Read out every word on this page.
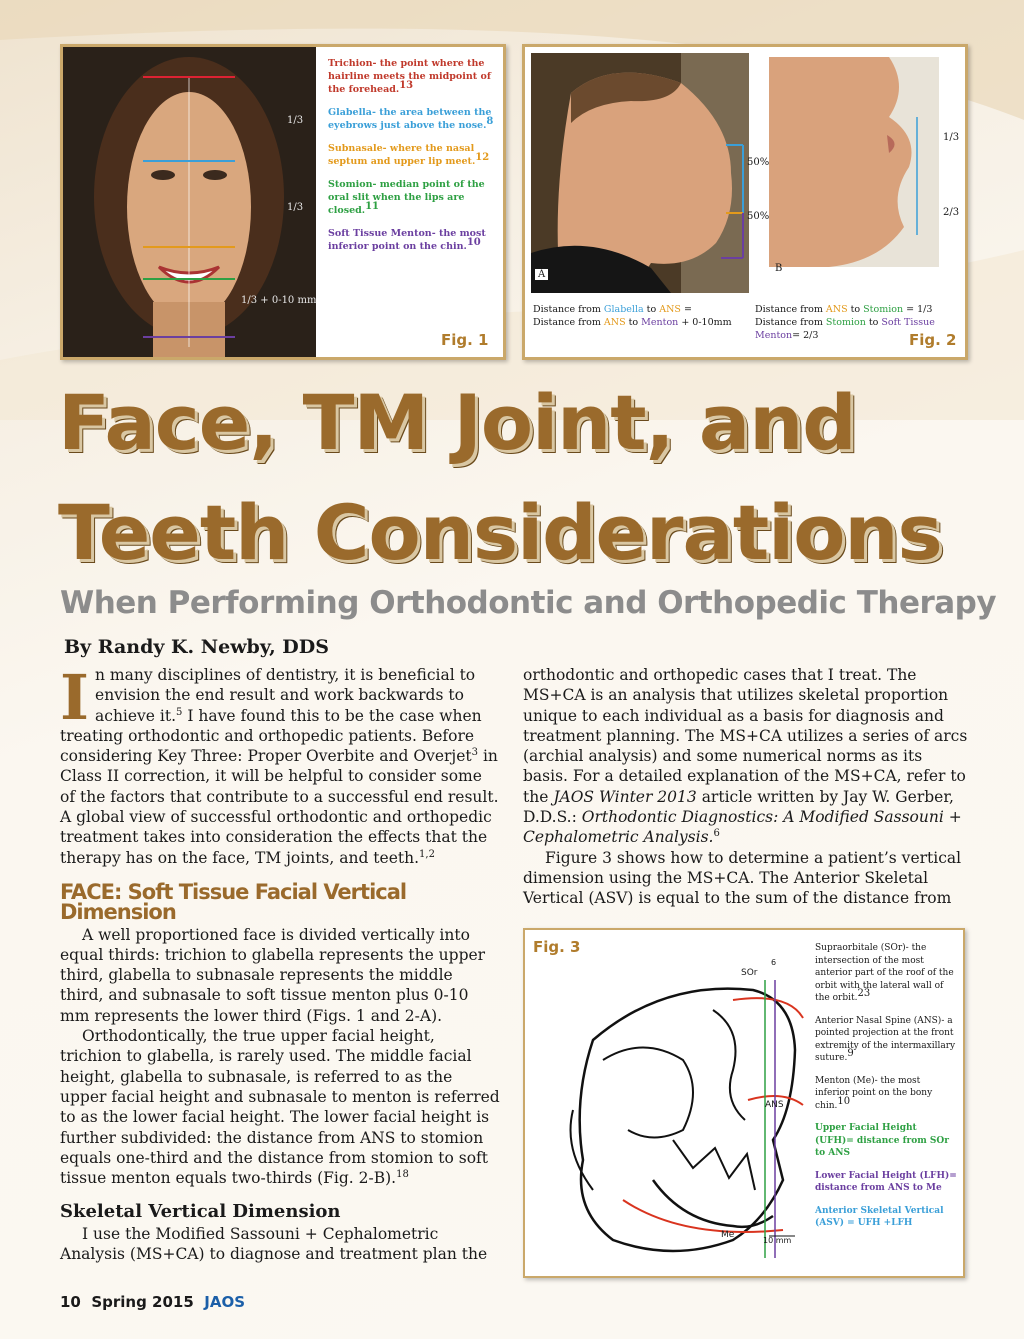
1/3
1/3
1/3 + 0-10 mm
Trichion- the point where the hairline meets the midpoint of the forehead.$^{13}$
Glabella- the area between the eyebrows just above the nose.$^8$
Subnasale- where the nasal septum and upper lip meet.$^{12}$
Stomion- median point of the oral slit when the lips are closed.$^{11}$
Soft Tissue Menton- the most inferior point on the chin.$^{10}$
Fig. 1
A
50%
50%
B
1/3
2/3
Distance from Glabella to ANS =
Distance from ANS to Menton + 0-10mm
Distance from ANS to Stomion = 1/3
Distance from Stomion to Soft Tissue
Menton= 2/3	Fig. 2
Face, TM Joint, and
Teeth Considerations
When Performing Orthodontic and Orthopedic Therapy
By Randy K. Newby, DDS

In many disciplines of dentistry, it is beneficial to envision the end result and work backwards to achieve it.$^5$ I have found this to be the case when treating orthodontic and orthopedic patients. Before considering Key Three: Proper Overbite and Overjet$^3$ in Class II correction, it will be helpful to consider some of the factors that contribute to a successful end result. A global view of successful orthodontic and orthopedic treatment takes into consideration the effects that the therapy has on the face, TM joints, and teeth.$^{1,2}$

FACE: Soft Tissue Facial Vertical Dimension

A well proportioned face is divided vertically into equal thirds: trichion to glabella represents the upper third, glabella to subnasale represents the middle third, and subnasale to soft tissue menton plus 0-10 mm represents the lower third (Figs. 1 and 2-A).

Orthodontically, the true upper facial height, trichion to glabella, is rarely used. The middle facial height, glabella to subnasale, is referred to as the upper facial height and subnasale to menton is referred to as the lower facial height. The lower facial height is further subdivided: the distance from ANS to stomion equals one-third and the distance from stomion to soft tissue menton equals two-thirds (Fig. 2-B).$^{18}$

Skeletal Vertical Dimension

I use the Modified Sassouni + Cephalometric Analysis (MS+CA) to diagnose and treatment plan the

orthodontic and orthopedic cases that I treat. The MS+CA is an analysis that utilizes skeletal proportion unique to each individual as a basis for diagnosis and treatment planning. The MS+CA utilizes a series of arcs (archial analysis) and some numerical norms as its basis. For a detailed explanation of the MS+CA, refer to the JAOS Winter 2013 article written by Jay W. Gerber, D.D.S.: Orthodontic Diagnostics: A Modified Sassouni + Cephalometric Analysis.$^6$

Figure 3 shows how to determine a patient’s vertical dimension using the MS+CA. The Anterior Skeletal Vertical (ASV) is equal to the sum of the distance from

Fig. 3
SOr
6
ANS
Me
10 mm
Supraorbitale (SOr)- the intersection of the most anterior part of the roof of the orbit with the lateral wall of the orbit.$^{23}$
Anterior Nasal Spine (ANS)- a pointed projection at the front extremity of the intermaxillary suture.$^9$
Menton (Me)- the most inferior point on the bony chin.$^{10}$
Upper Facial Height (UFH)= distance from SOr to ANS
Lower Facial Height (LFH)= distance from ANS to Me
Anterior Skeletal Vertical (ASV) = UFH +LFH
10 Spring 2015 JAOS
